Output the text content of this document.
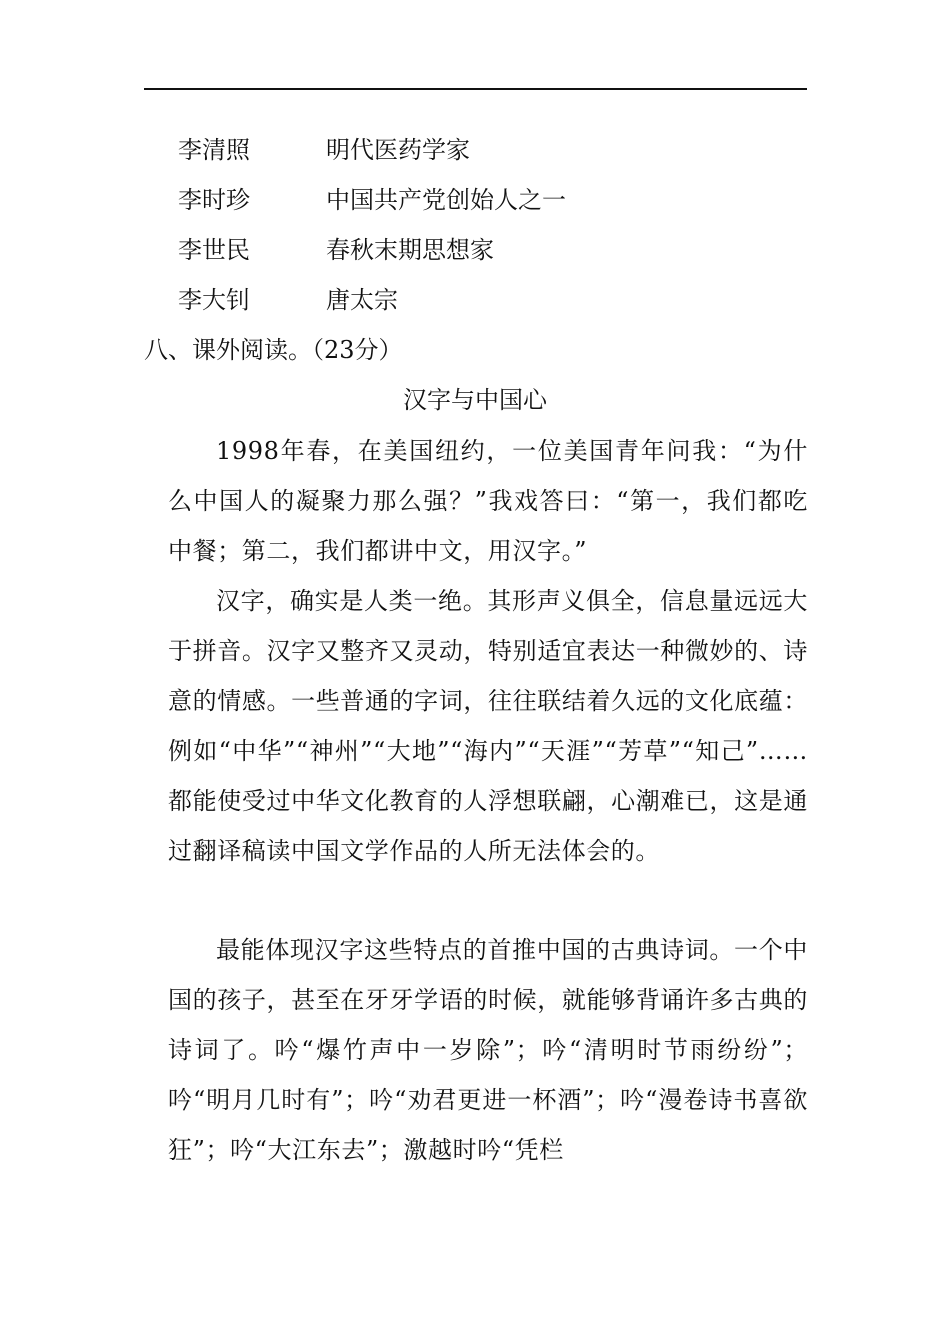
李清照	明代医药学家
李时珍	中国共产党创始人之一
李世民	春秋末期思想家
李大钊	唐太宗
八、课外阅读。（23分）
汉字与中国心

1998年春，在美国纽约，一位美国青年问我：“为什么中国人的凝聚力那么强？”我戏答曰：“第一，我们都吃中餐；第二，我们都讲中文，用汉字。”

汉字，确实是人类一绝。其形声义俱全，信息量远远大于拼音。汉字又整齐又灵动，特别适宜表达一种微妙的、诗意的情感。一些普通的字词，往往联结着久远的文化底蕴：例如“中华”“神州”“大地”“海内”“天涯”“芳草”“知己”……都能使受过中华文化教育的人浮想联翩，心潮难已，这是通过翻译稿读中国文学作品的人所无法体会的。

最能体现汉字这些特点的首推中国的古典诗词。一个中国的孩子，甚至在牙牙学语的时候，就能够背诵许多古典的诗词了。吟“爆竹声中一岁除”；吟“清明时节雨纷纷”；吟“明月几时有”；吟“劝君更进一杯酒”；吟“漫卷诗书喜欲狂”；吟“大江东去”；激越时吟“凭栏
